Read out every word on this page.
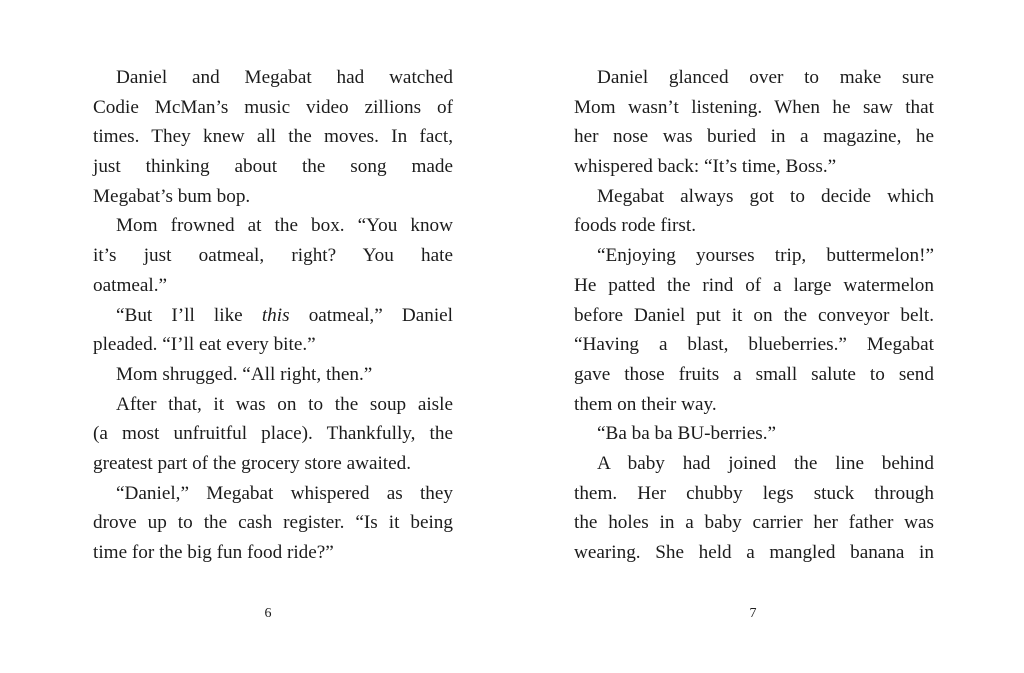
Daniel and Megabat had watched
Codie McMan’s music video zillions of
times. They knew all the moves. In fact,
just thinking about the song made
Megabat’s bum bop.
Mom frowned at the box. “You know
it’s just oatmeal, right? You hate
oatmeal.”
“But I’ll like this oatmeal,” Daniel
pleaded. “I’ll eat every bite.”
Mom shrugged. “All right, then.”
After that, it was on to the soup aisle
(a most unfruitful place). Thankfully, the
greatest part of the grocery store awaited.
“Daniel,” Megabat whispered as they
drove up to the cash register. “Is it being
time for the big fun food ride?”
6
Daniel glanced over to make sure
Mom wasn’t listening. When he saw that
her nose was buried in a magazine, he
whispered back: “It’s time, Boss.”
Megabat always got to decide which
foods rode first.
“Enjoying yourses trip, buttermelon!”
He patted the rind of a large watermelon
before Daniel put it on the conveyor belt.
“Having a blast, blueberries.” Megabat
gave those fruits a small salute to send
them on their way.
“Ba ba ba BU-berries.”
A baby had joined the line behind
them. Her chubby legs stuck through
the holes in a baby carrier her father was
wearing. She held a mangled banana in
7
